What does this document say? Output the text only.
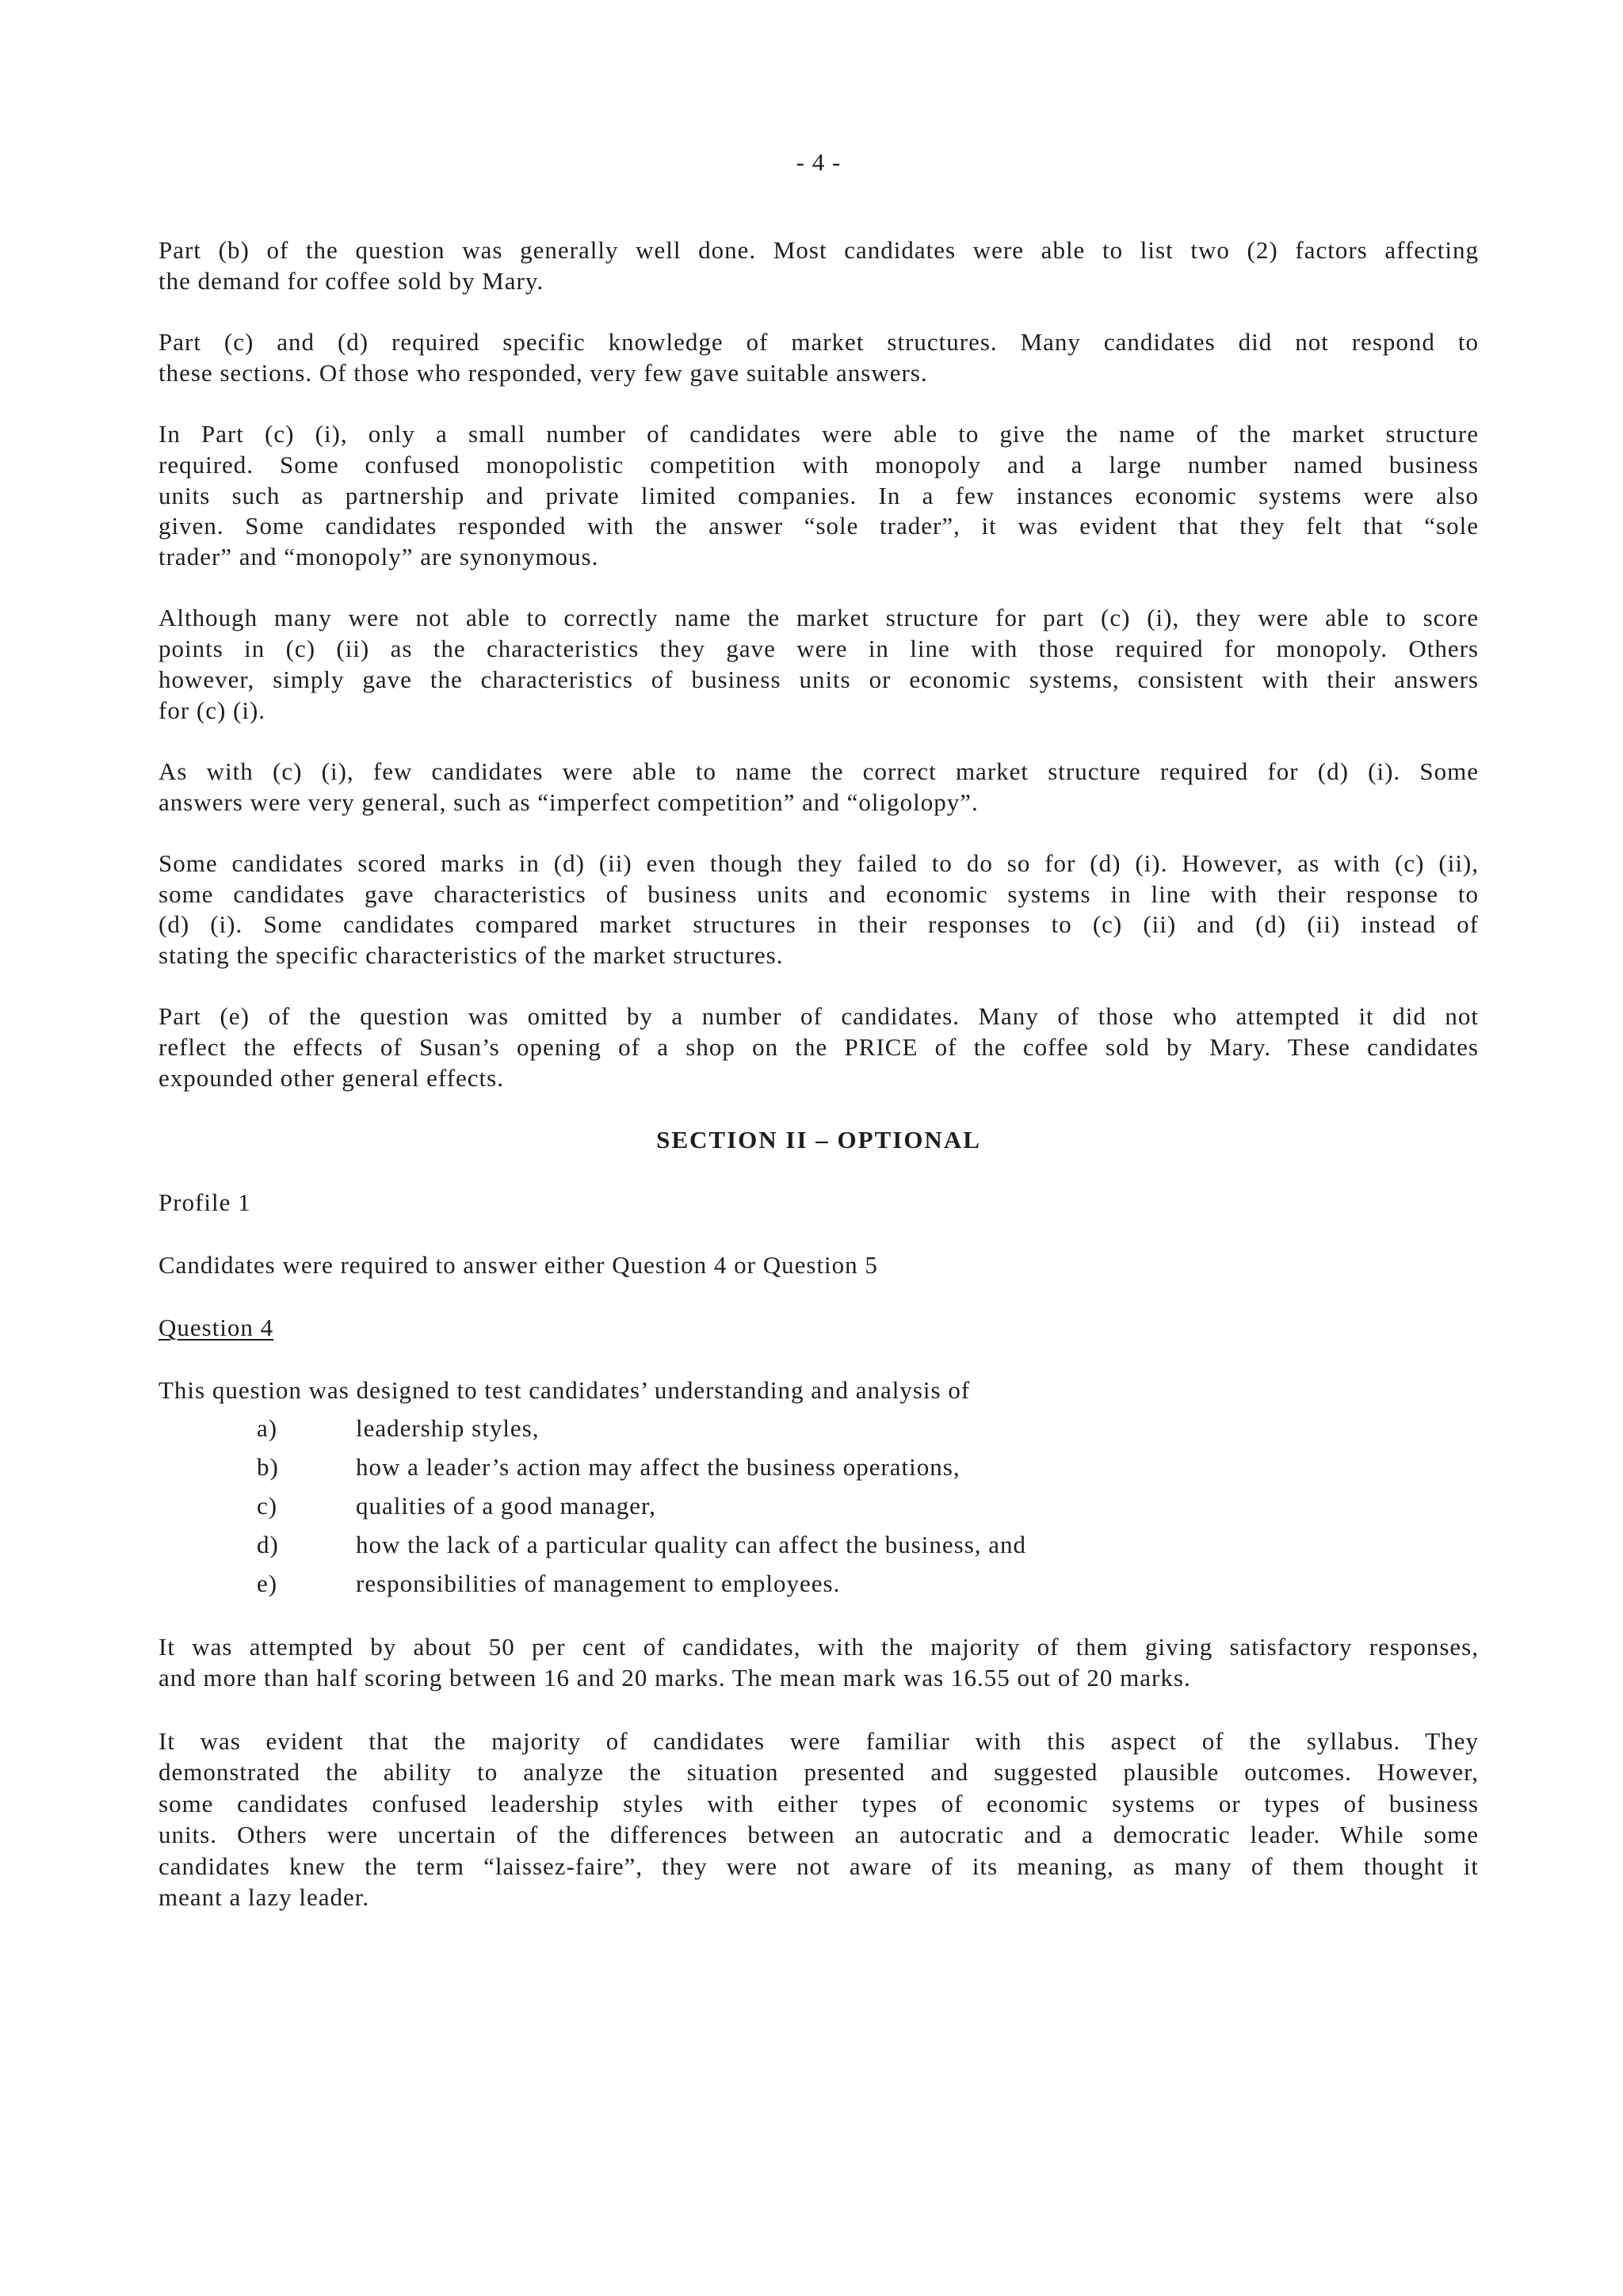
- 4 -
Part (b) of the question was generally well done. Most candidates were able to list two (2) factors affecting
the demand for coffee sold by Mary.
Part (c) and (d) required specific knowledge of market structures. Many candidates did not respond to
these sections. Of those who responded, very few gave suitable answers.
In Part (c) (i), only a small number of candidates were able to give the name of the market structure
required. Some confused monopolistic competition with monopoly and a large number named business
units such as partnership and private limited companies. In a few instances economic systems were also
given. Some candidates responded with the answer “sole trader”, it was evident that they felt that “sole
trader” and “monopoly” are synonymous.
Although many were not able to correctly name the market structure for part (c) (i), they were able to score
points in (c) (ii) as the characteristics they gave were in line with those required for monopoly. Others
however, simply gave the characteristics of business units or economic systems, consistent with their answers
for (c) (i).
As with (c) (i), few candidates were able to name the correct market structure required for (d) (i). Some
answers were very general, such as “imperfect competition” and “oligolopy”.
Some candidates scored marks in (d) (ii) even though they failed to do so for (d) (i). However, as with (c) (ii),
some candidates gave characteristics of business units and economic systems in line with their response to
(d) (i). Some candidates compared market structures in their responses to (c) (ii) and (d) (ii) instead of
stating the specific characteristics of the market structures.
Part (e) of the question was omitted by a number of candidates. Many of those who attempted it did not
reflect the effects of Susan’s opening of a shop on the PRICE of the coffee sold by Mary. These candidates
expounded other general effects.
SECTION II – OPTIONAL
Profile 1
Candidates were required to answer either Question 4 or Question 5
Question 4
This question was designed to test candidates’ understanding and analysis of
a)	leadership styles,
b)	how a leader’s action may affect the business operations,
c)	qualities of a good manager,
d)	how the lack of a particular quality can affect the business, and
e)	responsibilities of management to employees.
It was attempted by about 50 per cent of candidates, with the majority of them giving satisfactory responses,
and more than half scoring between 16 and 20 marks. The mean mark was 16.55 out of 20 marks.
It was evident that the majority of candidates were familiar with this aspect of the syllabus. They
demonstrated the ability to analyze the situation presented and suggested plausible outcomes. However,
some candidates confused leadership styles with either types of economic systems or types of business
units. Others were uncertain of the differences between an autocratic and a democratic leader. While some
candidates knew the term “laissez-faire”, they were not aware of its meaning, as many of them thought it
meant a lazy leader.
